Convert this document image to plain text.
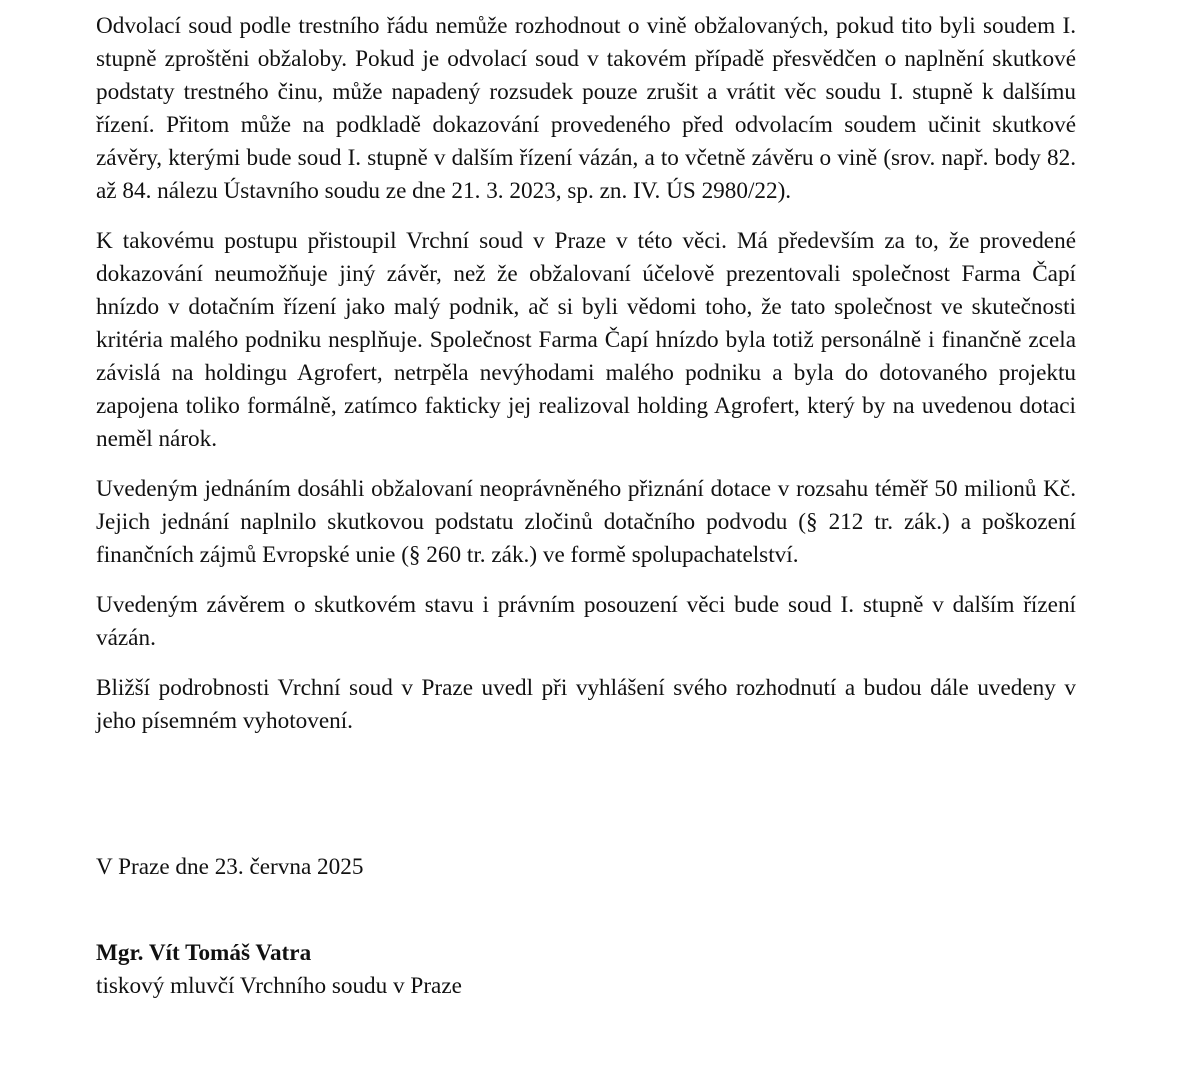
Odvolací soud podle trestního řádu nemůže rozhodnout o vině obžalovaných, pokud tito byli soudem I. stupně zproštěni obžaloby. Pokud je odvolací soud v takovém případě přesvědčen o naplnění skutkové podstaty trestného činu, může napadený rozsudek pouze zrušit a vrátit věc soudu I. stupně k dalšímu řízení. Přitom může na podkladě dokazování provedeného před odvolacím soudem učinit skutkové závěry, kterými bude soud I. stupně v dalším řízení vázán, a to včetně závěru o vině (srov. např. body 82. až 84. nálezu Ústavního soudu ze dne 21. 3. 2023, sp. zn. IV. ÚS 2980/22).

K takovému postupu přistoupil Vrchní soud v Praze v této věci. Má především za to, že provedené dokazování neumožňuje jiný závěr, než že obžalovaní účelově prezentovali společnost Farma Čapí hnízdo v dotačním řízení jako malý podnik, ač si byli vědomi toho, že tato společnost ve skutečnosti kritéria malého podniku nesplňuje. Společnost Farma Čapí hnízdo byla totiž personálně i finančně zcela závislá na holdingu Agrofert, netrpěla nevýhodami malého podniku a byla do dotovaného projektu zapojena toliko formálně, zatímco fakticky jej realizoval holding Agrofert, který by na uvedenou dotaci neměl nárok.

Uvedeným jednáním dosáhli obžalovaní neoprávněného přiznání dotace v rozsahu téměř 50 milionů Kč. Jejich jednání naplnilo skutkovou podstatu zločinů dotačního podvodu (§ 212 tr. zák.) a poškození finančních zájmů Evropské unie (§ 260 tr. zák.) ve formě spolupachatelství.

Uvedeným závěrem o skutkovém stavu i právním posouzení věci bude soud I. stupně v dalším řízení vázán.

Bližší podrobnosti Vrchní soud v Praze uvedl při vyhlášení svého rozhodnutí a budou dále uvedeny v jeho písemném vyhotovení.

V Praze dne 23. června 2025

Mgr. Vít Tomáš Vatra
tiskový mluvčí Vrchního soudu v Praze
